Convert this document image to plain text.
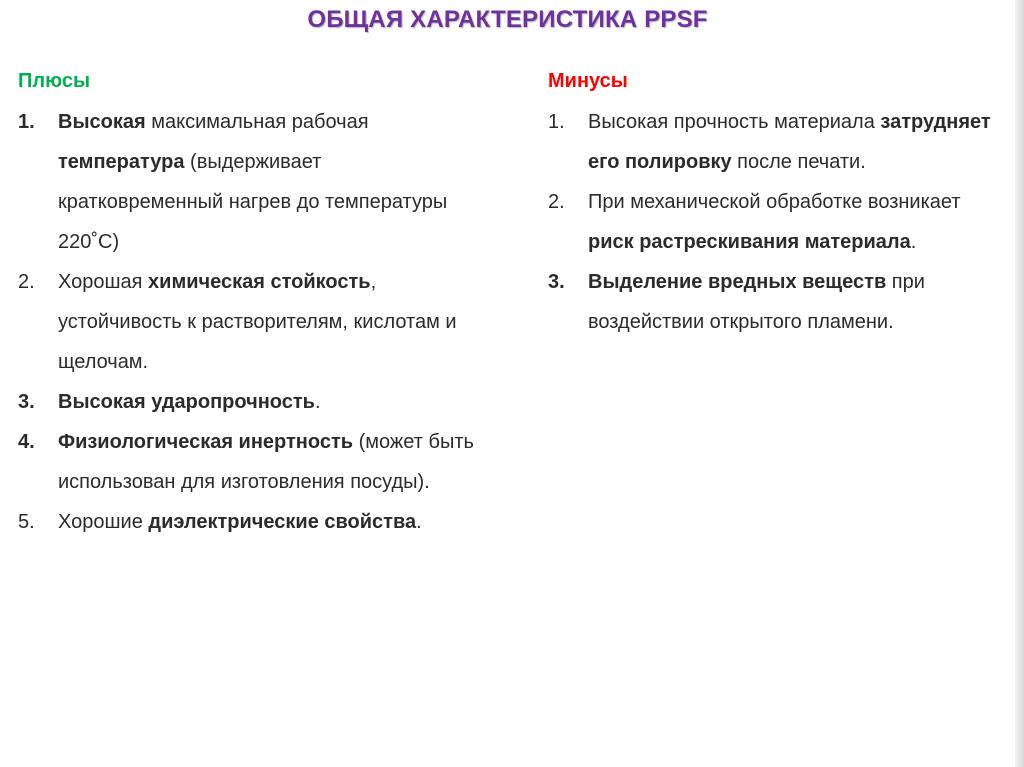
ОБЩАЯ ХАРАКТЕРИСТИКА PPSF
Плюсы
1.	Высокая максимальная рабочая температура (выдерживает кратковременный нагрев до температуры 220˚С)
2.	Хорошая химическая стойкость, устойчивость к растворителям, кислотам и щелочам.
3.	Высокая ударопрочность.
4.	Физиологическая инертность (может быть использован для изготовления посуды).
5.	Хорошие диэлектрические свойства.
Минусы
1.	Высокая прочность материала затрудняет его полировку после печати.
2.	При механической обработке возникает риск растрескивания материала.
3.	Выделение вредных веществ при воздействии открытого пламени.
